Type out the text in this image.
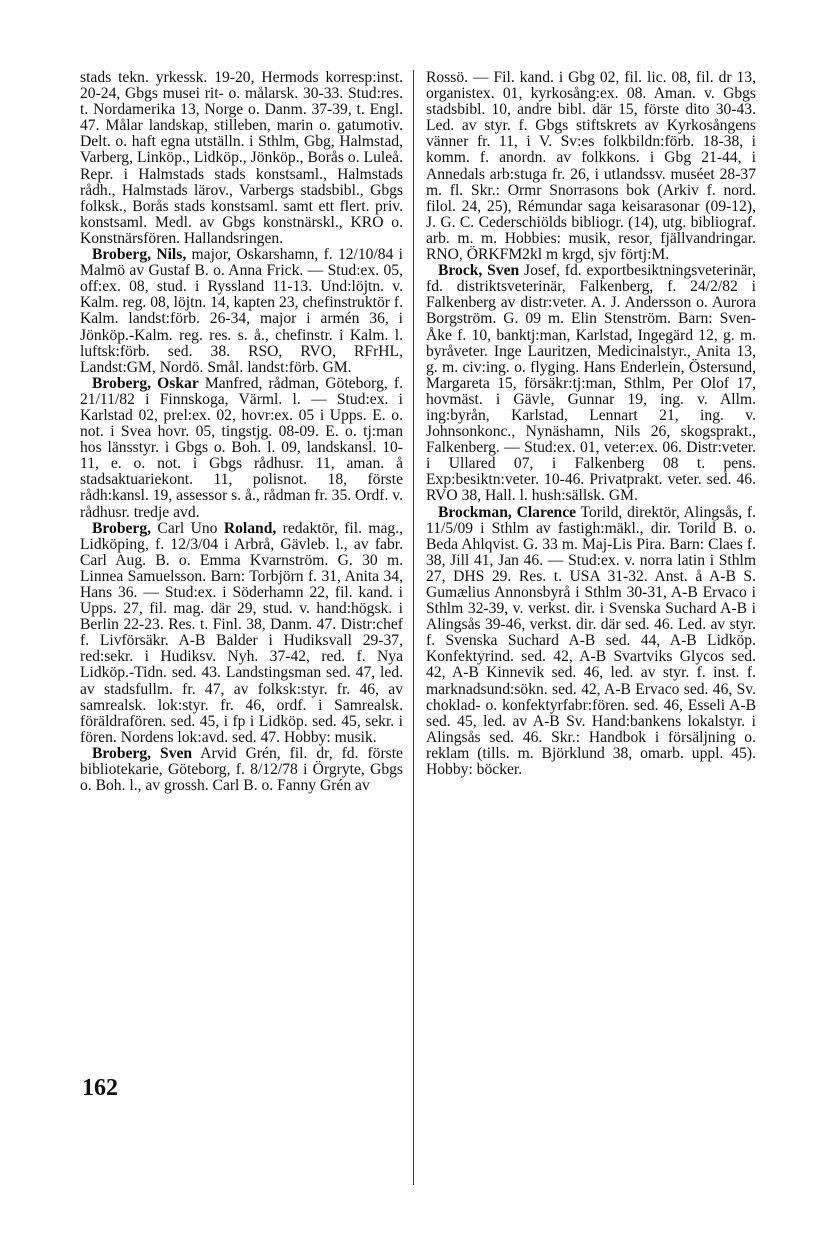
stads tekn. yrkessk. 19-20, Hermods korresp:inst. 20-24, Gbgs musei rit- o. målarsk. 30-33. Stud:res. t. Nordamerika 13, Norge o. Danm. 37-39, t. Engl. 47. Målar landskap, stilleben, marin o. gatumotiv. Delt. o. haft egna utställn. i Sthlm, Gbg, Halmstad, Varberg, Linköp., Lidköp., Jönköp., Borås o. Luleå. Repr. i Halmstads stads konstsaml., Halmstads rådh., Halmstads lärov., Varbergs stadsbibl., Gbgs folksk., Borås stads konstsaml. samt ett flert. priv. konstsaml. Medl. av Gbgs konstnärskl., KRO o. Konstnärsfören. Hallandsringen.

Broberg, Nils, major, Oskarshamn, f. 12/10/84 i Malmö av Gustaf B. o. Anna Frick. — Stud:ex. 05, off:ex. 08, stud. i Ryssland 11-13. Und:löjtn. v. Kalm. reg. 08, löjtn. 14, kapten 23, chefinstruktör f. Kalm. landst:förb. 26-34, major i armén 36, i Jönköp.-Kalm. reg. res. s. å., chefinstr. i Kalm. l. luftsk:förb. sed. 38. RSO, RVO, RFrHL, Landst:GM, Nordö. Smål. landst:förb. GM.

Broberg, Oskar Manfred, rådman, Göteborg, f. 21/11/82 i Finnskoga, Värml. l. — Stud:ex. i Karlstad 02, prel:ex. 02, hovr:ex. 05 i Upps. E. o. not. i Svea hovr. 05, tingstjg. 08-09. E. o. tj:man hos länsstyr. i Gbgs o. Boh. l. 09, landskansl. 10-11, e. o. not. i Gbgs rådhusr. 11, aman. å stadsaktuariekont. 11, polisnot. 18, förste rådh:kansl. 19, assessor s. å., rådman fr. 35. Ordf. v. rådhusr. tredje avd.

Broberg, Carl Uno Roland, redaktör, fil. mag., Lidköping, f. 12/3/04 i Arbrå, Gävleb. l., av fabr. Carl Aug. B. o. Emma Kvarnström. G. 30 m. Linnea Samuelsson. Barn: Torbjörn f. 31, Anita 34, Hans 36. — Stud:ex. i Söderhamn 22, fil. kand. i Upps. 27, fil. mag. där 29, stud. v. hand:högsk. i Berlin 22-23. Res. t. Finl. 38, Danm. 47. Distr:chef f. Livförsäkr. A-B Balder i Hudiksvall 29-37, red:sekr. i Hudiksv. Nyh. 37-42, red. f. Nya Lidköp.-Tidn. sed. 43. Landstingsman sed. 47, led. av stadsfullm. fr. 47, av folksk:styr. fr. 46, av samrealsk. lok:styr. fr. 46, ordf. i Samrealsk. föräldrafören. sed. 45, i fp i Lidköp. sed. 45, sekr. i fören. Nordens lok:avd. sed. 47. Hobby: musik.

Broberg, Sven Arvid Grén, fil. dr, fd. förste bibliotekarie, Göteborg, f. 8/12/78 i Örgryte, Gbgs o. Boh. l., av grossh. Carl B. o. Fanny Grén av

Rossö. — Fil. kand. i Gbg 02, fil. lic. 08, fil. dr 13, organistex. 01, kyrkosång:ex. 08. Aman. v. Gbgs stadsbibl. 10, andre bibl. där 15, förste dito 30-43. Led. av styr. f. Gbgs stiftskrets av Kyrkosångens vänner fr. 11, i V. Sv:es folkbildn:förb. 18-38, i komm. f. anordn. av folkkons. i Gbg 21-44, i Annedals arb:stuga fr. 26, i utlandssv. muséet 28-37 m. fl. Skr.: Ormr Snorrasons bok (Arkiv f. nord. filol. 24, 25), Rémundar saga keisarasonar (09-12), J. G. C. Cederschiölds bibliogr. (14), utg. bibliograf. arb. m. m. Hobbies: musik, resor, fjällvandringar. RNO, ÖRKFM2kl m krgd, sjv förtj:M.

Brock, Sven Josef, fd. exportbesiktningsveterinär, fd. distriktsveterinär, Falkenberg, f. 24/2/82 i Falkenberg av distr:veter. A. J. Andersson o. Aurora Borgström. G. 09 m. Elin Stenström. Barn: Sven-Åke f. 10, banktj:man, Karlstad, Ingegärd 12, g. m. byråveter. Inge Lauritzen, Medicinalstyr., Anita 13, g. m. civ:ing. o. flyging. Hans Enderlein, Östersund, Margareta 15, försäkr:tj:man, Sthlm, Per Olof 17, hovmäst. i Gävle, Gunnar 19, ing. v. Allm. ing:byrån, Karlstad, Lennart 21, ing. v. Johnsonkonc., Nynäshamn, Nils 26, skogsprakt., Falkenberg. — Stud:ex. 01, veter:ex. 06. Distr:veter. i Ullared 07, i Falkenberg 08 t. pens. Exp:besiktn:veter. 10-46. Privatprakt. veter. sed. 46. RVO 38, Hall. l. hush:sällsk. GM.

Brockman, Clarence Torild, direktör, Alingsås, f. 11/5/09 i Sthlm av fastigh:mäkl., dir. Torild B. o. Beda Ahlqvist. G. 33 m. Maj-Lis Pira. Barn: Claes f. 38, Jill 41, Jan 46. — Stud:ex. v. norra latin i Sthlm 27, DHS 29. Res. t. USA 31-32. Anst. å A-B S. Gumælius Annonsbyrå i Sthlm 30-31, A-B Ervaco i Sthlm 32-39, v. verkst. dir. i Svenska Suchard A-B i Alingsås 39-46, verkst. dir. där sed. 46. Led. av styr. f. Svenska Suchard A-B sed. 44, A-B Lidköp. Konfektyrind. sed. 42, A-B Svartviks Glycos sed. 42, A-B Kinnevik sed. 46, led. av styr. f. inst. f. marknadsund:sökn. sed. 42, A-B Ervaco sed. 46, Sv. choklad- o. konfektyrfabr:fören. sed. 46, Esseli A-B sed. 45, led. av A-B Sv. Hand:bankens lokalstyr. i Alingsås sed. 46. Skr.: Handbok i försäljning o. reklam (tills. m. Björklund 38, omarb. uppl. 45). Hobby: böcker.

162
